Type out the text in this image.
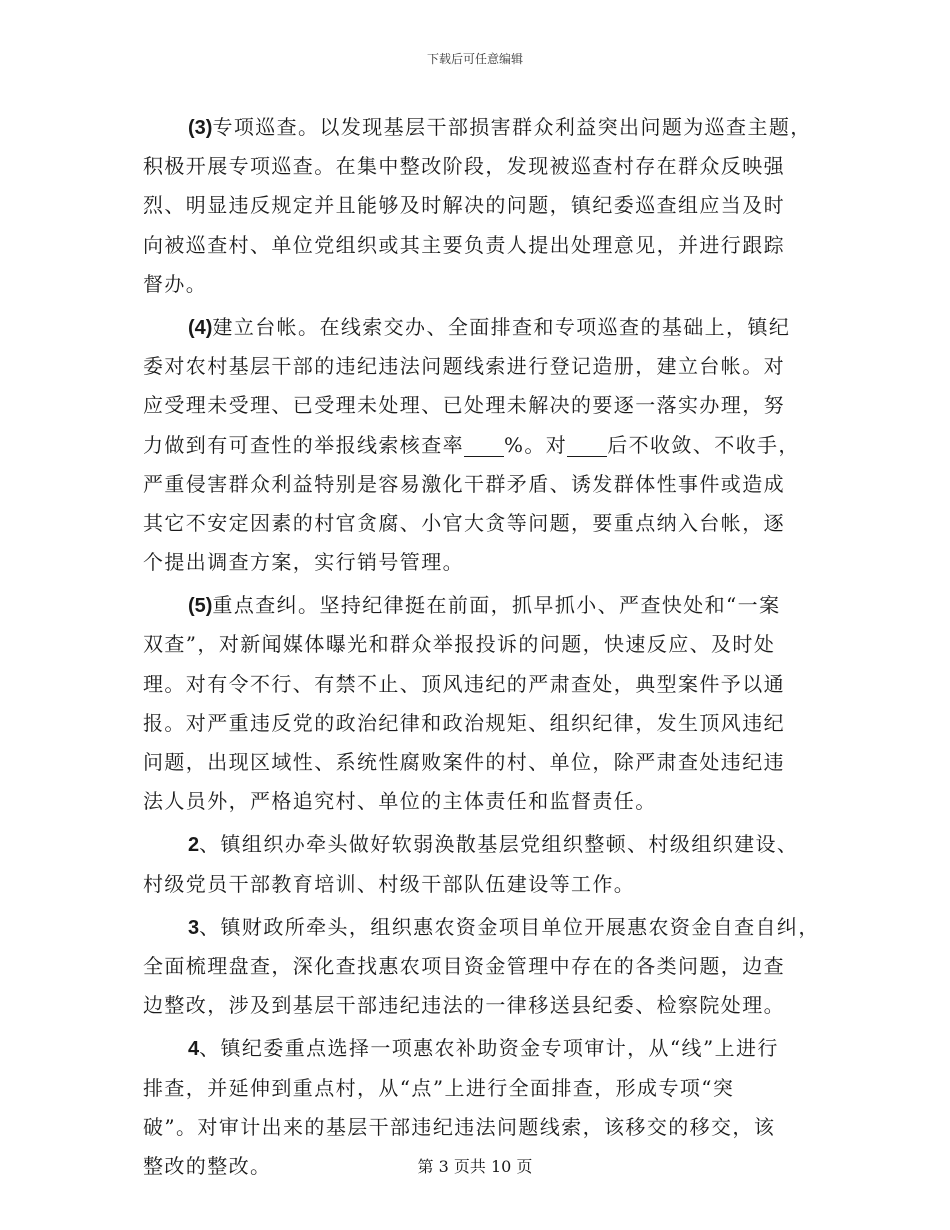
下载后可任意编辑
(3)专项巡查。以发现基层干部损害群众利益突出问题为巡查主题，
积极开展专项巡查。在集中整改阶段，发现被巡查村存在群众反映强
烈、明显违反规定并且能够及时解决的问题，镇纪委巡查组应当及时
向被巡查村、单位党组织或其主要负责人提出处理意见，并进行跟踪
督办。
(4)建立台帐。在线索交办、全面排查和专项巡查的基础上，镇纪
委对农村基层干部的违纪违法问题线索进行登记造册，建立台帐。对
应受理未受理、已受理未处理、已处理未解决的要逐一落实办理，努
力做到有可查性的举报线索核查率 %。对 后不收敛、不收手，
严重侵害群众利益特别是容易激化干群矛盾、诱发群体性事件或造成
其它不安定因素的村官贪腐、小官大贪等问题，要重点纳入台帐，逐
个提出调查方案，实行销号管理。
(5)重点查纠。坚持纪律挺在前面，抓早抓小、严查快处和“一案
双查”，对新闻媒体曝光和群众举报投诉的问题，快速反应、及时处
理。对有令不行、有禁不止、顶风违纪的严肃查处，典型案件予以通
报。对严重违反党的政治纪律和政治规矩、组织纪律，发生顶风违纪
问题，出现区域性、系统性腐败案件的村、单位，除严肃查处违纪违
法人员外，严格追究村、单位的主体责任和监督责任。
2、镇组织办牵头做好软弱涣散基层党组织整顿、村级组织建设、
村级党员干部教育培训、村级干部队伍建设等工作。
3、镇财政所牵头，组织惠农资金项目单位开展惠农资金自查自纠，
全面梳理盘查，深化查找惠农项目资金管理中存在的各类问题，边查
边整改，涉及到基层干部违纪违法的一律移送县纪委、检察院处理。
4、镇纪委重点选择一项惠农补助资金专项审计，从“线”上进行
排查，并延伸到重点村，从“点”上进行全面排查，形成专项“突
破”。对审计出来的基层干部违纪违法问题线索，该移交的移交，该
整改的整改。	第 3 页共 10 页
